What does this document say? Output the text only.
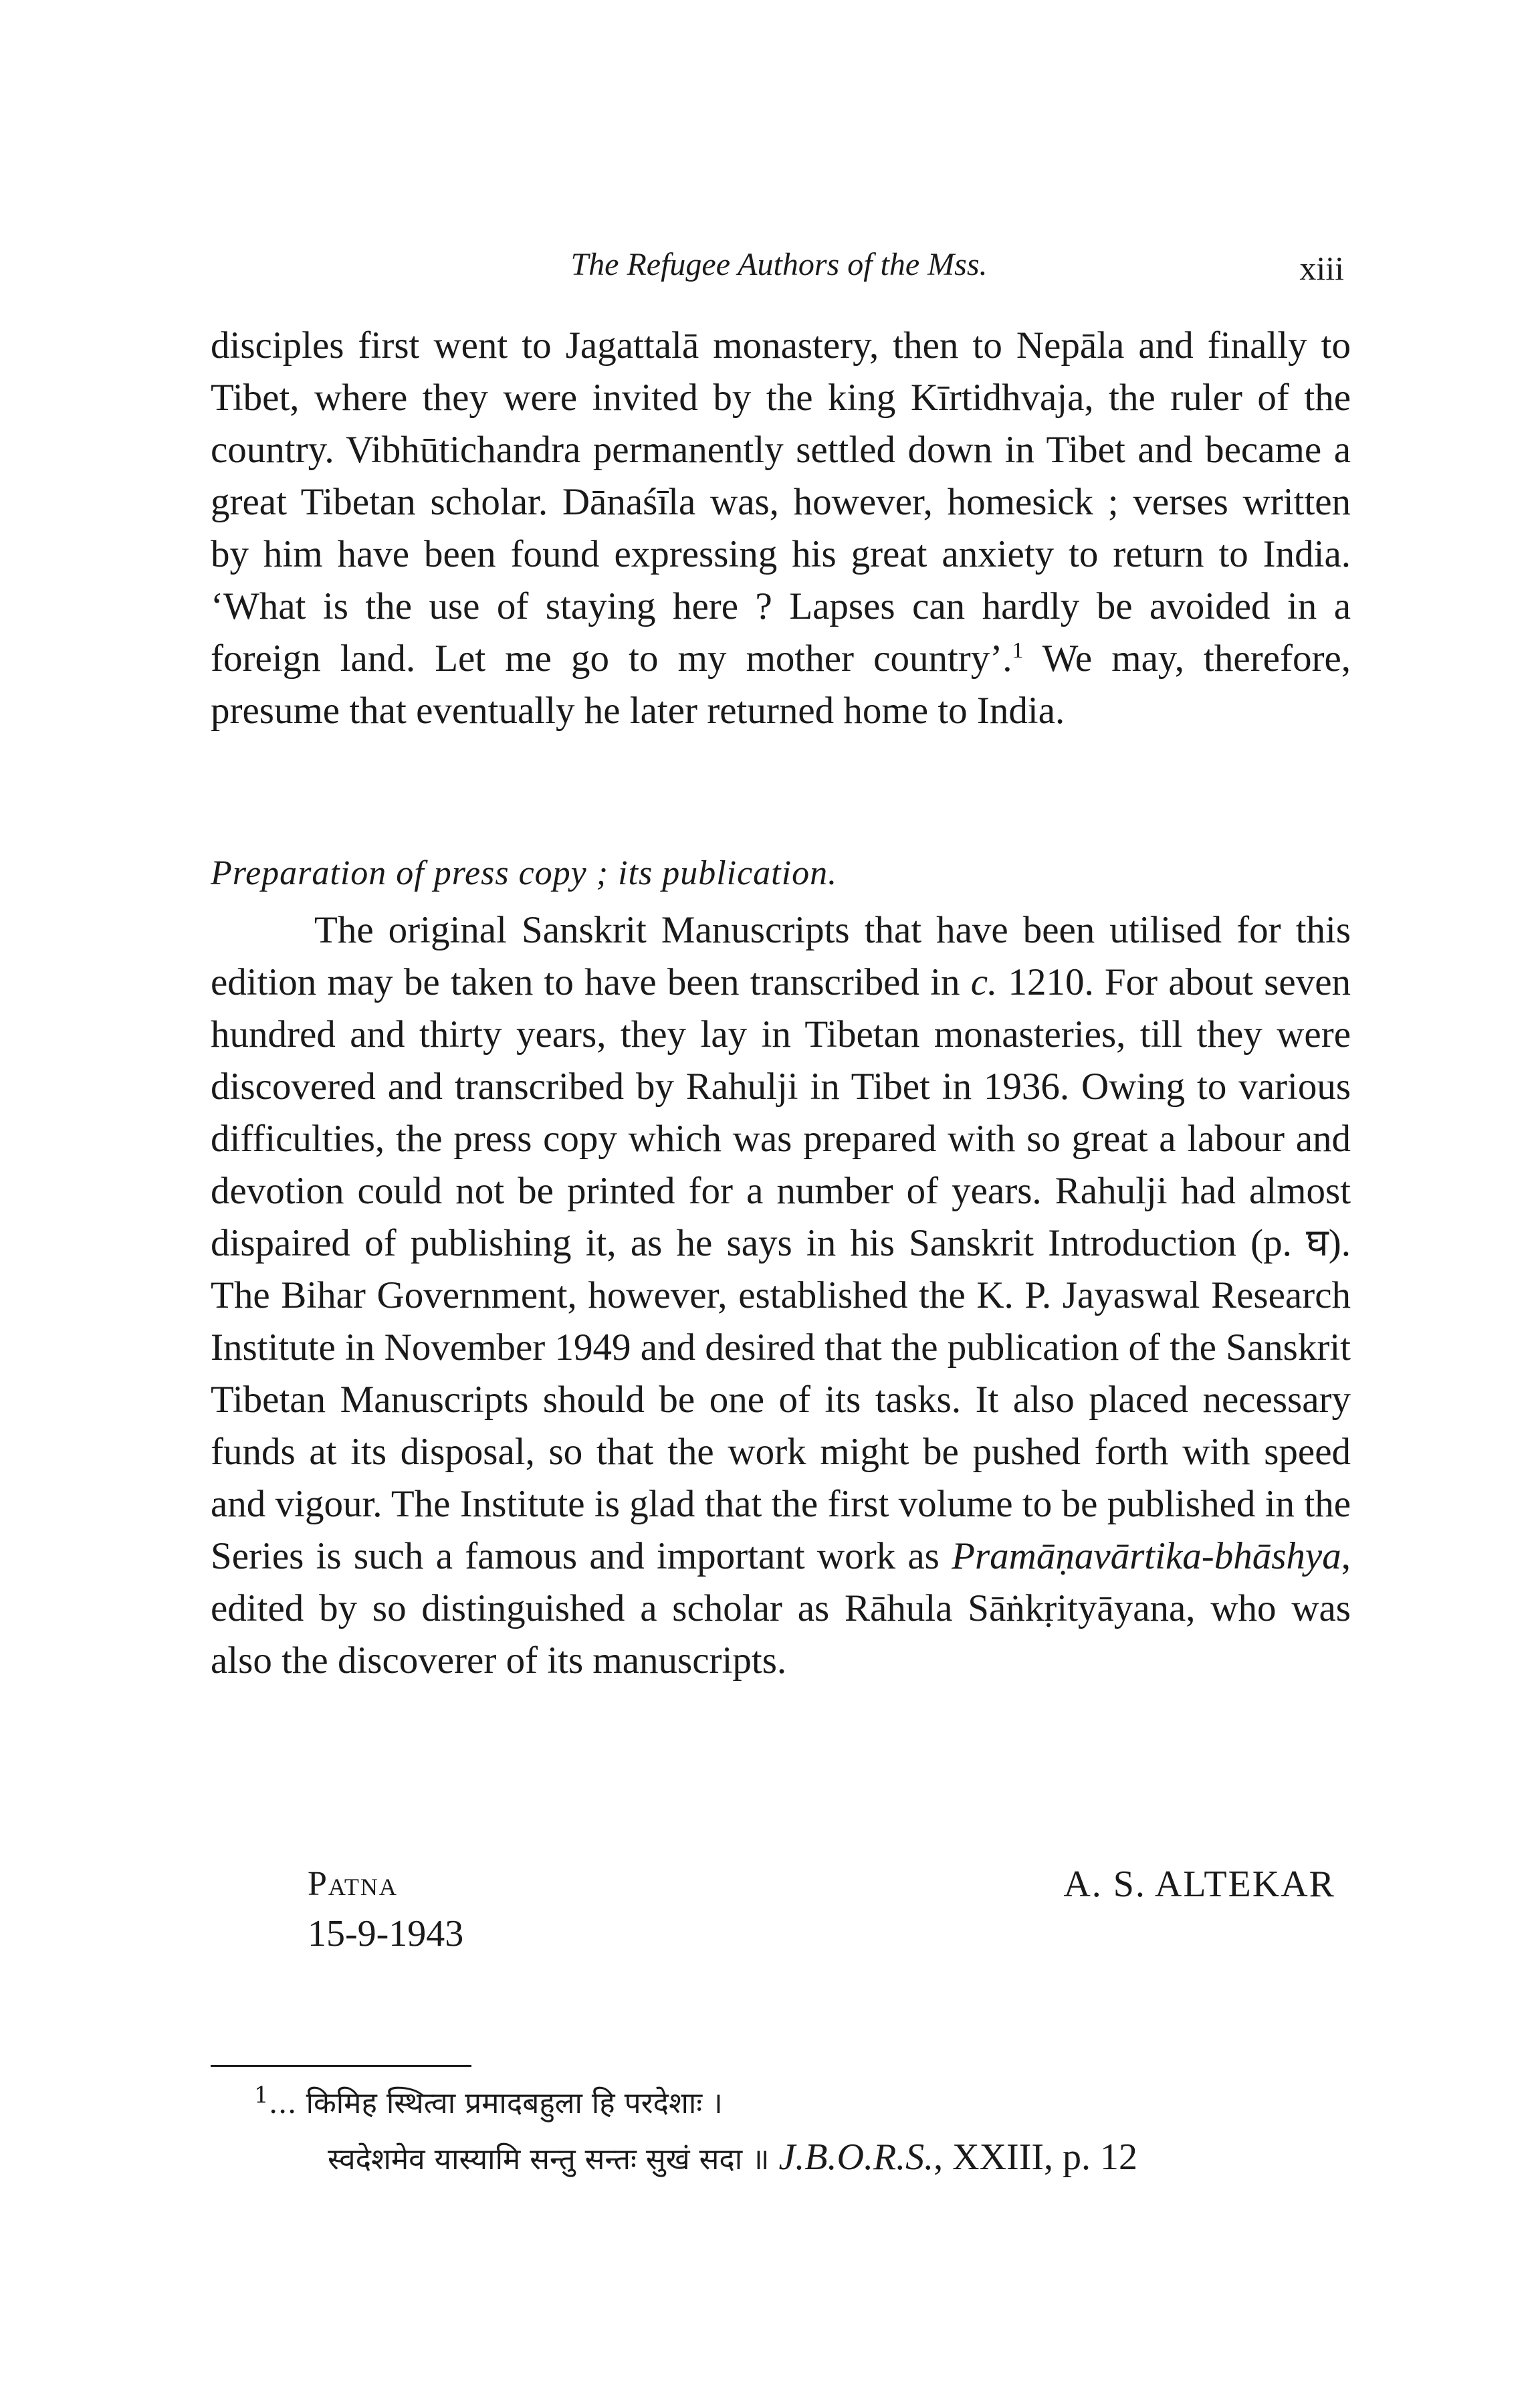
The Refugee Authors of the Mss.	xiii

disciples first went to Jagattalā monastery, then to Nepāla and finally to Tibet, where they were invited by the king Kīrtidhvaja, the ruler of the country. Vibhūtichandra permanently settled down in Tibet and became a great Tibetan scholar. Dānaśīla was, however, homesick ; verses written by him have been found expressing his great anxiety to return to India. ‘What is the use of staying here ? Lapses can hardly be avoided in a foreign land. Let me go to my mother country’.$^1$ We may, therefore, presume that eventually he later returned home to India.

Preparation of press copy ; its publication.

The original Sanskrit Manuscripts that have been utilised for this edition may be taken to have been transcribed in c. 1210. For about seven hundred and thirty years, they lay in Tibetan monasteries, till they were discovered and transcribed by Rahulji in Tibet in 1936. Owing to various difficulties, the press copy which was prepared with so great a labour and devotion could not be printed for a number of years. Rahulji had almost dispaired of publishing it, as he says in his Sanskrit Introduction (p. घ). The Bihar Government, however, established the K. P. Jayaswal Research Institute in November 1949 and desired that the publication of the Sanskrit Tibetan Manuscripts should be one of its tasks. It also placed necessary funds at its disposal, so that the work might be pushed forth with speed and vigour. The Institute is glad that the first volume to be published in the Series is such a famous and important work as Pramāṇavārtika-bhāshya, edited by so distinguished a scholar as Rāhula Sāṅkṛityāyana, who was also the discoverer of its manuscripts.

Patna
15-9-1943
A. S. ALTEKAR
$^1$... किमिह स्थित्वा प्रमादबहुला हि परदेशाः ।
स्वदेशमेव यास्यामि सन्तु सन्तः सुखं सदा ॥ J.B.O.R.S., XXIII, p. 12
